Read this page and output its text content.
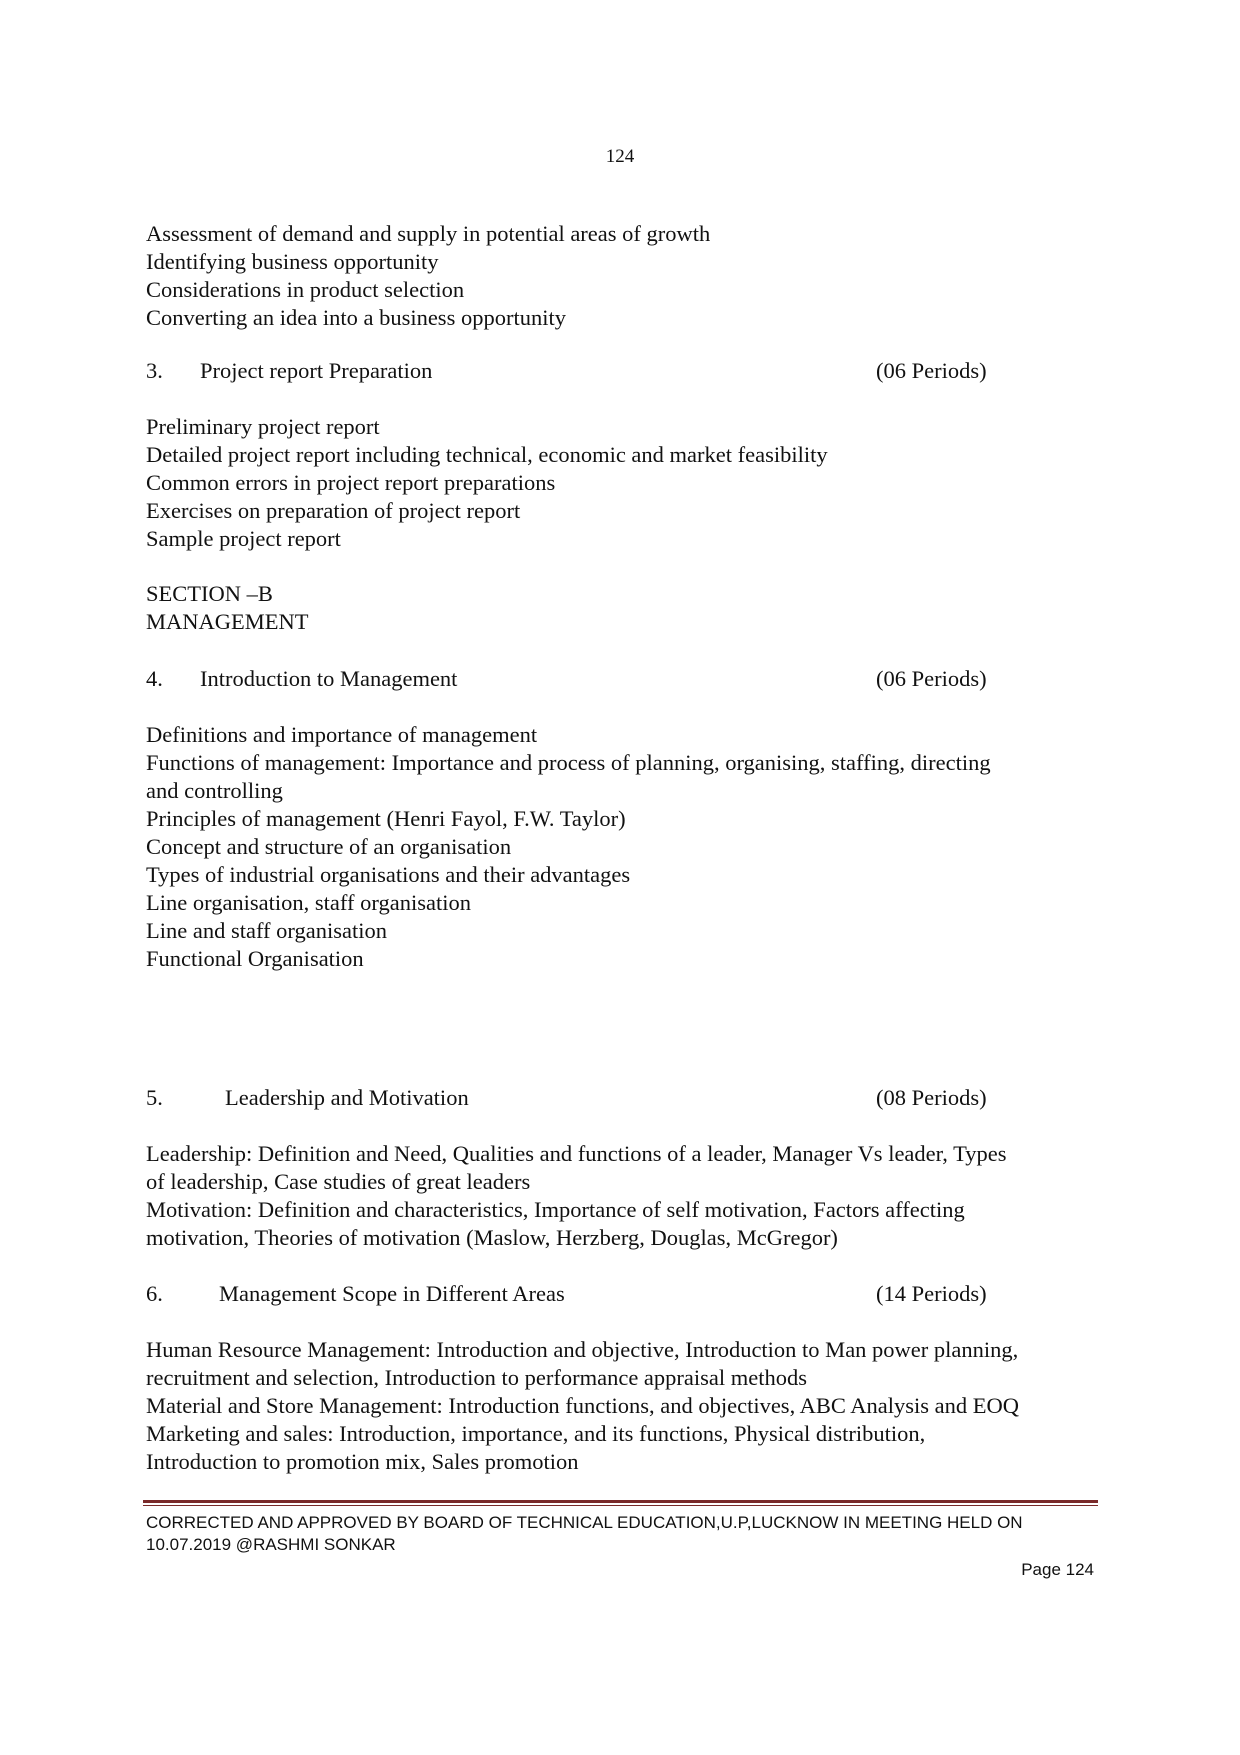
124
Assessment of demand and supply in potential areas of growth
Identifying business opportunity
Considerations in product selection
Converting an idea into a business opportunity
3. Project report Preparation	(06 Periods)
Preliminary project report
Detailed project report including technical, economic and market feasibility
Common errors in project report preparations
Exercises on preparation of project report
Sample project report
SECTION –B
MANAGEMENT
4. Introduction to Management	(06 Periods)
Definitions and importance of management
Functions of management: Importance and process of planning, organising, staffing, directing
and controlling
Principles of management (Henri Fayol, F.W. Taylor)
Concept and structure of an organisation
Types of industrial organisations and their advantages
Line organisation, staff organisation
Line and staff organisation
Functional Organisation
5.	Leadership and Motivation	(08 Periods)
Leadership: Definition and Need, Qualities and functions of a leader, Manager Vs leader, Types
of leadership, Case studies of great leaders
Motivation: Definition and characteristics, Importance of self motivation, Factors affecting
motivation, Theories of motivation (Maslow, Herzberg, Douglas, McGregor)
6. Management Scope in Different Areas	(14 Periods)
Human Resource Management: Introduction and objective, Introduction to Man power planning,
recruitment and selection, Introduction to performance appraisal methods
Material and Store Management: Introduction functions, and objectives, ABC Analysis and EOQ
Marketing and sales: Introduction, importance, and its functions, Physical distribution,
Introduction to promotion mix, Sales promotion
CORRECTED AND APPROVED BY BOARD OF TECHNICAL EDUCATION,U.P,LUCKNOW IN MEETING HELD ON
10.07.2019 @RASHMI SONKAR
Page 124
